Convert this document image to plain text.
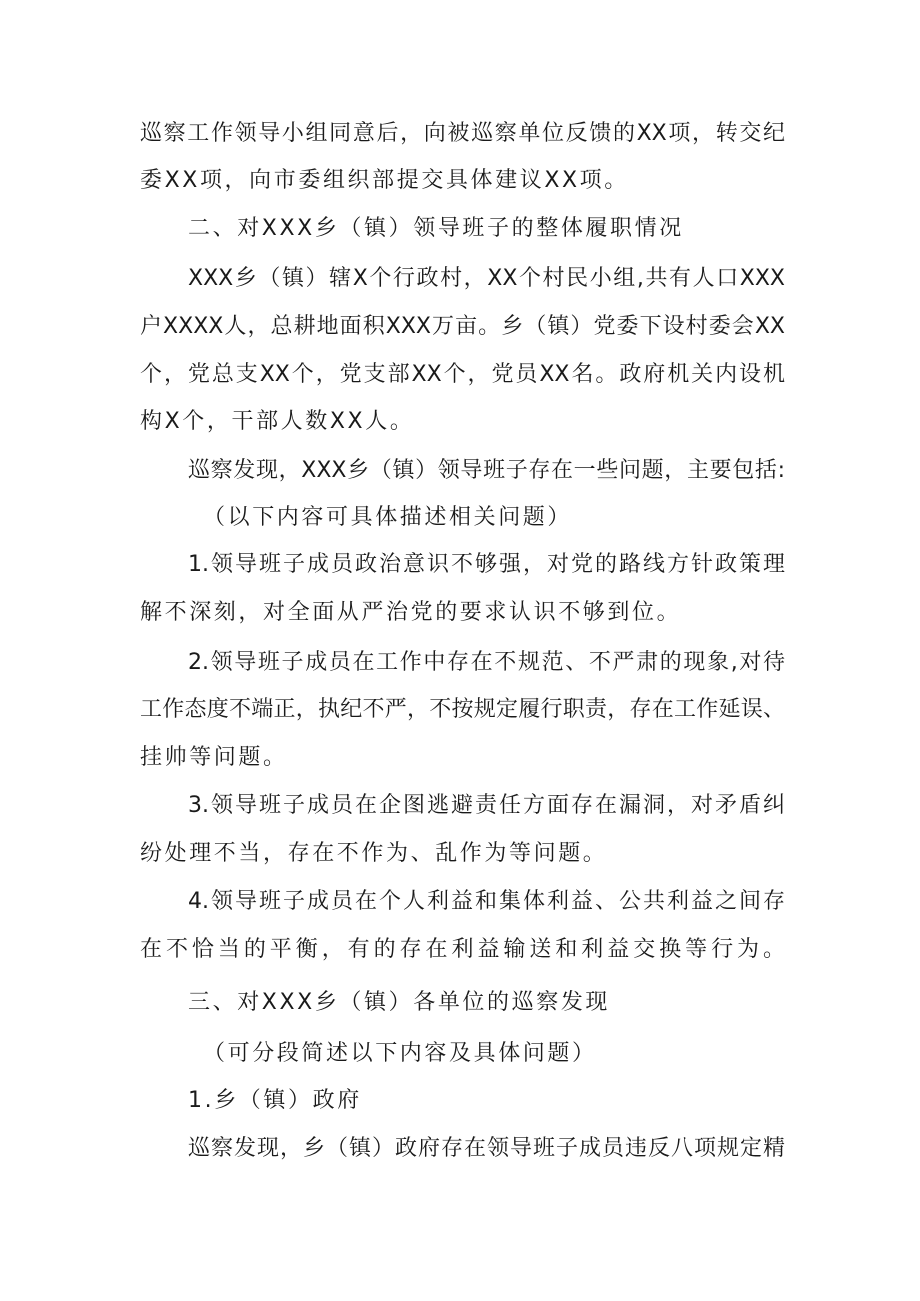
巡察工作领导小组同意后，向被巡察单位反馈的XX项，转交纪
委XX项，向市委组织部提交具体建议XX项。
二、对XXX乡（镇）领导班子的整体履职情况
XXX乡（镇）辖X个行政村，XX个村民小组,共有人口XXX
户XXXX人，总耕地面积XXX万亩。乡（镇）党委下设村委会XX
个，党总支XX个，党支部XX个，党员XX名。政府机关内设机
构X个，干部人数XX人。
巡察发现，XXX乡（镇）领导班子存在一些问题，主要包括:
（以下内容可具体描述相关问题）
1.领导班子成员政治意识不够强，对党的路线方针政策理
解不深刻，对全面从严治党的要求认识不够到位。
2.领导班子成员在工作中存在不规范、不严肃的现象,对待
工作态度不端正，执纪不严，不按规定履行职责，存在工作延误、
挂帅等问题。
3.领导班子成员在企图逃避责任方面存在漏洞，对矛盾纠
纷处理不当，存在不作为、乱作为等问题。
4.领导班子成员在个人利益和集体利益、公共利益之间存
在不恰当的平衡，有的存在利益输送和利益交换等行为。
三、对XXX乡（镇）各单位的巡察发现
（可分段简述以下内容及具体问题）
1.乡（镇）政府
巡察发现，乡（镇）政府存在领导班子成员违反八项规定精
